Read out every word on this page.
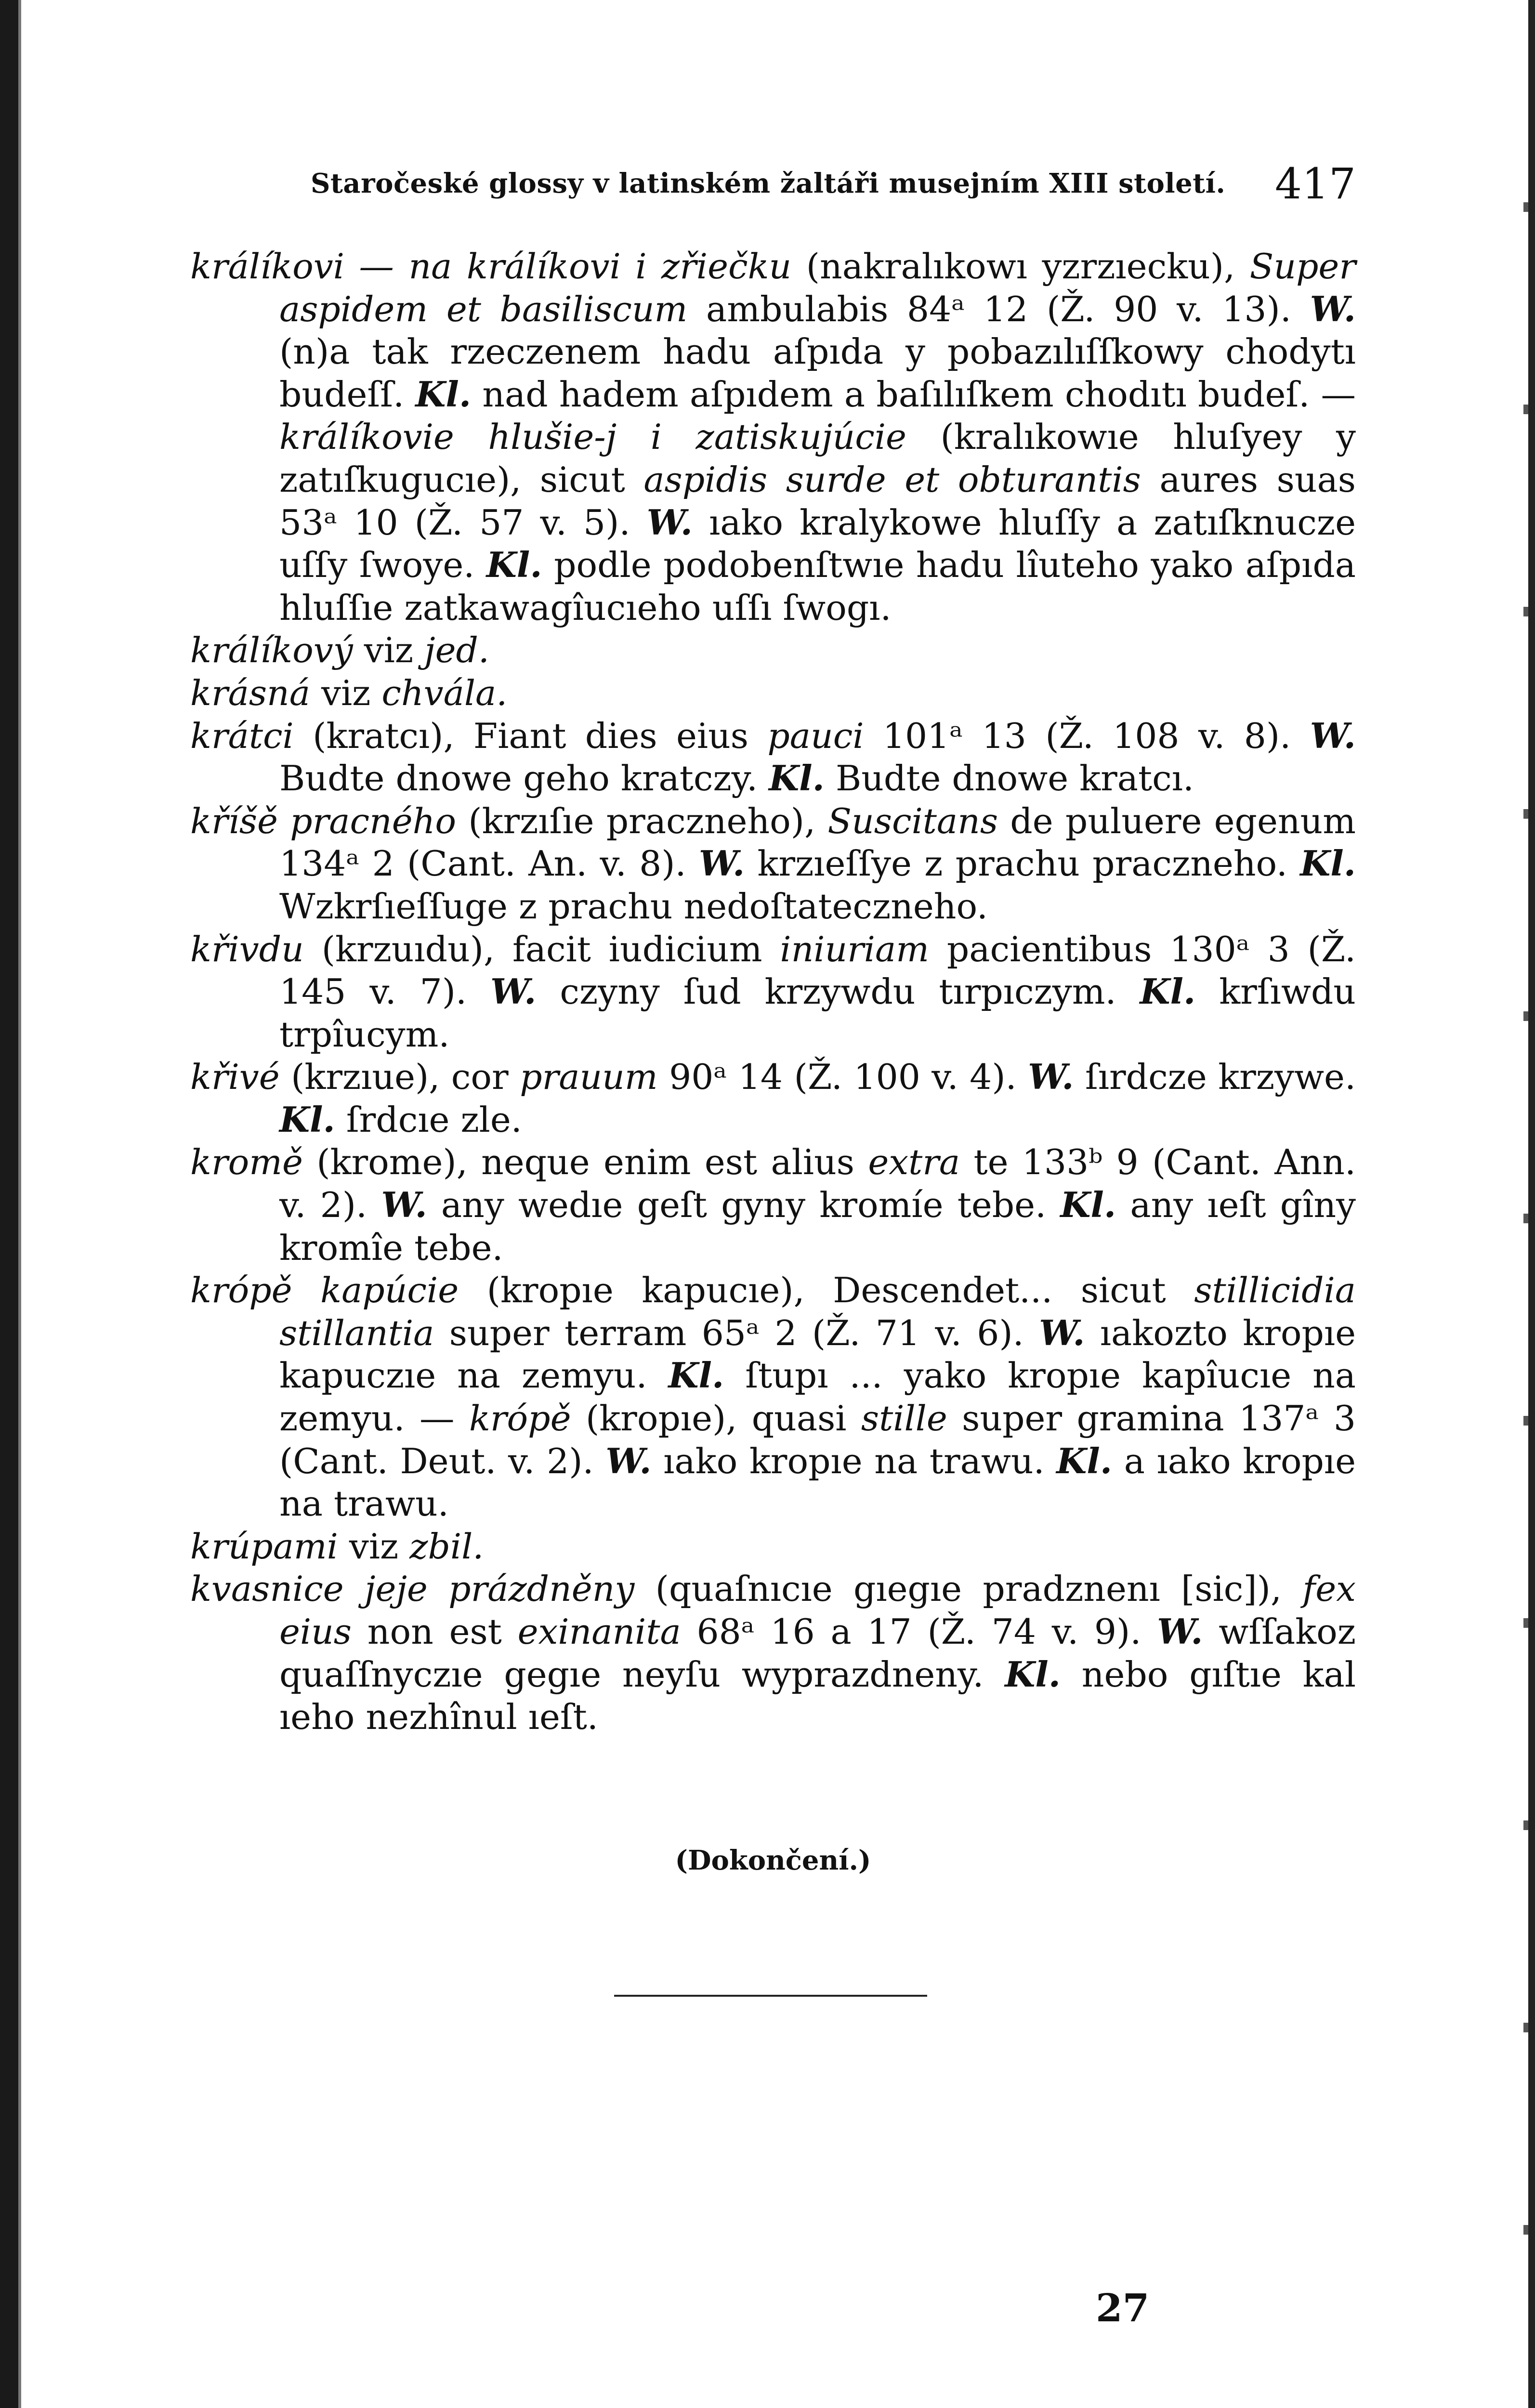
Staročeské glossy v latinském žaltáři musejním XIII století. 417

králíkovi — na králíkovi i zřiečku (nakralıkowı yzrzıecku), Super aspidem et basiliscum ambulabis 84ᵃ 12 (Ž. 90 v. 13). W. (n)a tak rzeczenem hadu aſpıda y pobazılıſſkowy chodytı budeſſ. Kl. nad hadem aſpıdem a baſılıſkem chodıtı budeſ. — králíkovie hlušie-j i zatiskujúcie (kralıkowıe hluſyey y zatıſkugucıe), sicut aspidis surde et obturantis aures suas 53ᵃ 10 (Ž. 57 v. 5). W. ıako kralykowe hluſſy a zatıſknucze uſſy ſwoye. Kl. podle podobenſtwıe hadu lîuteho yako aſpıda hluſſıe zatkawagîucıeho uſſı ſwogı.

králíkový viz jed.

krásná viz chvála.

krátci (kratcı), Fiant dies eius pauci 101ᵃ 13 (Ž. 108 v. 8). W. Budte dnowe geho kratczy. Kl. Budte dnowe kratcı.

kříšě pracného (krzıſıe praczneho), Suscitans de puluere egenum 134ᵃ 2 (Cant. An. v. 8). W. krzıeſſye z prachu praczneho. Kl. Wzkrſıeſſuge z prachu nedoſtateczneho.

křivdu (krzuıdu), facit iudicium iniuriam pacientibus 130ᵃ 3 (Ž. 145 v. 7). W. czyny ſud krzywdu tırpıczym. Kl. krſıwdu trpîucym.

křivé (krzıue), cor prauum 90ᵃ 14 (Ž. 100 v. 4). W. ſırdcze krzywe. Kl. ſrdcıe zle.

kromě (krome), neque enim est alius extra te 133ᵇ 9 (Cant. Ann. v. 2). W. any wedıe geſt gyny kromíe tebe. Kl. any ıeſt gîny kromîe tebe.

krópě kapúcie (kropıe kapucıe), Descendet... sicut stillicidia stillantia super terram 65ᵃ 2 (Ž. 71 v. 6). W. ıakozto kropıe kapuczıe na zemyu. Kl. ſtupı ... yako kropıe kapîucıe na zemyu. — krópě (kropıe), quasi stille super gramina 137ᵃ 3 (Cant. Deut. v. 2). W. ıako kropıe na trawu. Kl. a ıako kropıe na trawu.

krúpami viz zbil.

kvasnice jeje prázdněny (quaſnıcıe gıegıe pradznenı [sic]), fex eius non est exinanita 68ᵃ 16 a 17 (Ž. 74 v. 9). W. wſſakoz quaſſnyczıe gegıe neyſu wyprazdneny. Kl. nebo gıſtıe kal ıeho nezhînul ıeſt.

(Dokončení.)
27
